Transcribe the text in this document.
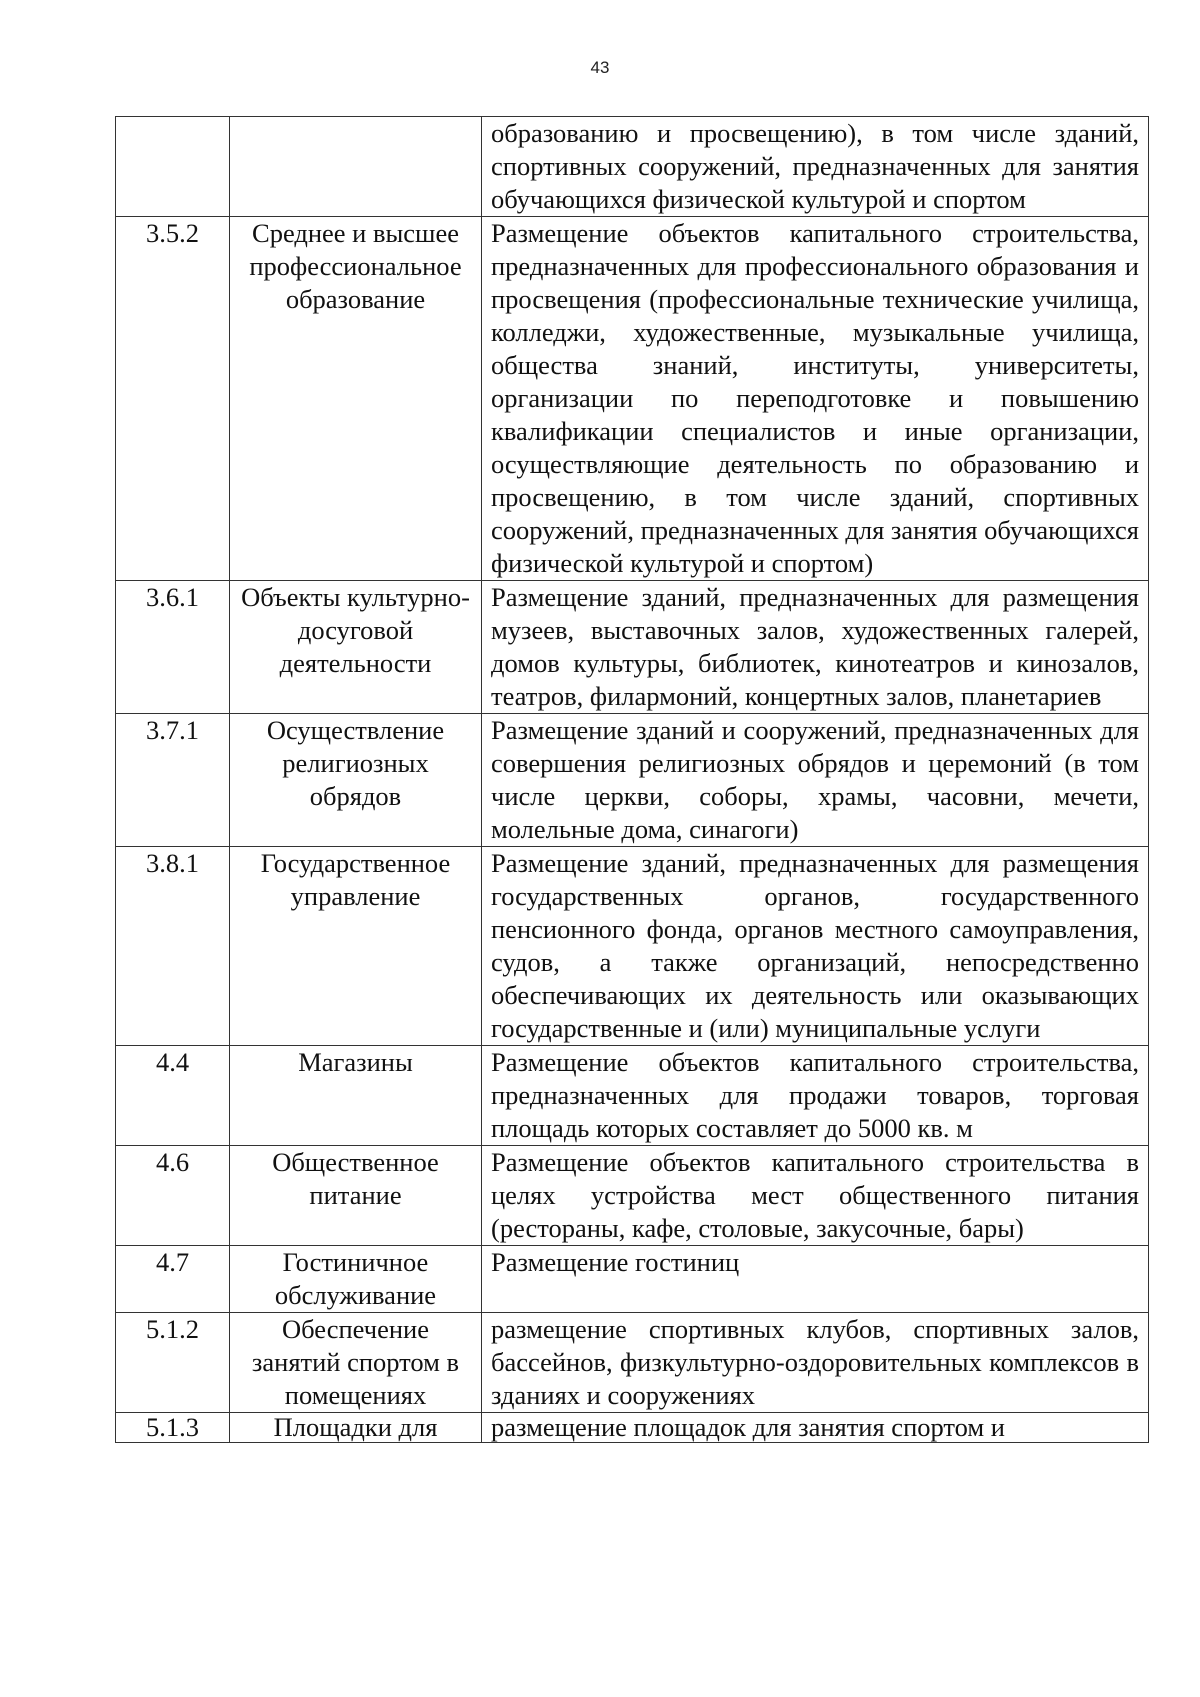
43
		образованию и просвещению), в том числе зданий, спортивных сооружений, предназначенных для занятия обучающихся физической культурой и спортом
3.5.2	Среднее и высшее профессиональное образование	Размещение объектов капитального строительства, предназначенных для профессионального образования и просвещения (профессиональные технические училища, колледжи, художественные, музыкальные училища, общества знаний, институты, университеты, организации по переподготовке и повышению квалификации специалистов и иные организации, осуществляющие деятельность по образованию и просвещению, в том числе зданий, спортивных сооружений, предназначенных для занятия обучающихся физической культурой и спортом)
3.6.1	Объекты культурно-досуговой деятельности	Размещение зданий, предназначенных для размещения музеев, выставочных залов, художественных галерей, домов культуры, библиотек, кинотеатров и кинозалов, театров, филармоний, концертных залов, планетариев
3.7.1	Осуществление религиозных обрядов	Размещение зданий и сооружений, предназначенных для совершения религиозных обрядов и церемоний (в том числе церкви, соборы, храмы, часовни, мечети, молельные дома, синагоги)
3.8.1	Государственное управление	Размещение зданий, предназначенных для размещения государственных органов, государственного пенсионного фонда, органов местного самоуправления, судов, а также организаций, непосредственно обеспечивающих их деятельность или оказывающих государственные и (или) муниципальные услуги
4.4	Магазины	Размещение объектов капитального строительства, предназначенных для продажи товаров, торговая площадь которых составляет до 5000 кв. м
4.6	Общественное питание	Размещение объектов капитального строительства в целях устройства мест общественного питания (рестораны, кафе, столовые, закусочные, бары)
4.7	Гостиничное обслуживание	Размещение гостиниц
5.1.2	Обеспечение занятий спортом в помещениях	размещение спортивных клубов, спортивных залов, бассейнов, физкультурно-оздоровительных комплексов в зданиях и сооружениях
5.1.3	Площадки для	размещение площадок для занятия спортом и
